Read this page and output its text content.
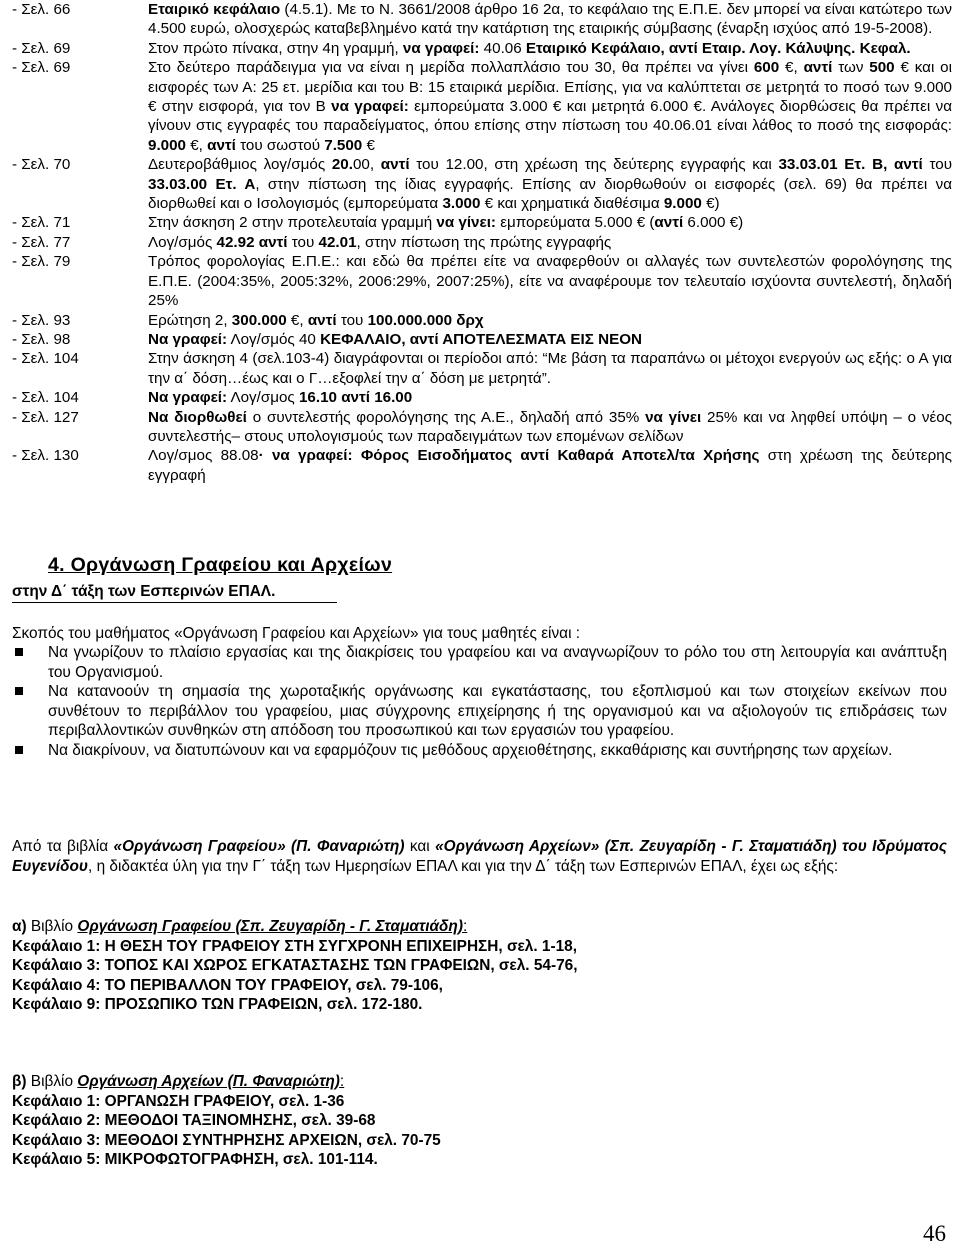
- Σελ. 66	Εταιρικό κεφάλαιο (4.5.1). Με το Ν. 3661/2008 άρθρο 16 2α, το κεφάλαιο της Ε.Π.Ε. δεν μπορεί να είναι κατώτερο των 4.500 ευρώ, ολοσχερώς καταβεβλημένο κατά την κατάρτιση της εταιρικής σύμβασης (έναρξη ισχύος από 19-5-2008).
- Σελ. 69	Στον πρώτο πίνακα, στην 4η γραμμή, να γραφεί: 40.06 Εταιρικό Κεφάλαιο, αντί Εταιρ. Λογ. Κάλυψης. Κεφαλ.
- Σελ. 69	Στο δεύτερο παράδειγμα για να είναι η μερίδα πολλαπλάσιο του 30, θα πρέπει να γίνει 600 €, αντί των 500 € και οι εισφορές των Α: 25 ετ. μερίδια και του Β: 15 εταιρικά μερίδια. Επίσης, για να καλύπτεται σε μετρητά το ποσό των 9.000 € στην εισφορά, για τον Β να γραφεί: εμπορεύματα 3.000 € και μετρητά 6.000 €. Ανάλογες διορθώσεις θα πρέπει να γίνουν στις εγγραφές του παραδείγματος, όπου επίσης στην πίστωση του 40.06.01 είναι λάθος το ποσό της εισφοράς: 9.000 €, αντί του σωστού 7.500 €
- Σελ. 70	Δευτεροβάθμιος λογ/σμός 20.00, αντί του 12.00, στη χρέωση της δεύτερης εγγραφής και 33.03.01 Ετ. Β, αντί του 33.03.00 Ετ. Α, στην πίστωση της ίδιας εγγραφής. Επίσης αν διορθωθούν οι εισφορές (σελ. 69) θα πρέπει να διορθωθεί και ο Ισολογισμός (εμπορεύματα 3.000 € και χρηματικά διαθέσιμα 9.000 €)
- Σελ. 71	Στην άσκηση 2 στην προτελευταία γραμμή να γίνει: εμπορεύματα 5.000 € (αντί 6.000 €)
- Σελ. 77	Λογ/σμός 42.92 αντί του 42.01, στην πίστωση της πρώτης εγγραφής
- Σελ. 79	Τρόπος φορολογίας Ε.Π.Ε.: και εδώ θα πρέπει είτε να αναφερθούν οι αλλαγές των συντελεστών φορολόγησης της Ε.Π.Ε. (2004:35%, 2005:32%, 2006:29%, 2007:25%), είτε να αναφέρουμε τον τελευταίο ισχύοντα συντελεστή, δηλαδή 25%
- Σελ. 93	Ερώτηση 2, 300.000 €, αντί του 100.000.000 δρχ
- Σελ. 98	Να γραφεί: Λογ/σμός 40 ΚΕΦΑΛΑΙΟ, αντί ΑΠΟΤΕΛΕΣΜΑΤΑ ΕΙΣ ΝΕΟΝ
- Σελ. 104	Στην άσκηση 4 (σελ.103-4) διαγράφονται οι περίοδοι από: “Με βάση τα παραπάνω οι μέτοχοι ενεργούν ως εξής: ο Α για την α΄ δόση…έως και ο Γ…εξοφλεί την α΄ δόση με μετρητά”.
- Σελ. 104	Να γραφεί: Λογ/σμος 16.10 αντί 16.00
- Σελ. 127	Να διορθωθεί ο συντελεστής φορολόγησης της Α.Ε., δηλαδή από 35% να γίνει 25% και να ληφθεί υπόψη – ο νέος συντελεστής– στους υπολογισμούς των παραδειγμάτων των επομένων σελίδων
- Σελ. 130	Λογ/σμος 88.08· να γραφεί: Φόρος Εισοδήματος αντί Καθαρά Αποτελ/τα Χρήσης στη χρέωση της δεύτερης εγγραφή
4. Οργάνωση Γραφείου και Αρχείων
στην Δ΄ τάξη των Εσπερινών ΕΠΑΛ.
Σκοπός του μαθήματος «Οργάνωση Γραφείου και Αρχείων» για τους μαθητές είναι :
Να γνωρίζουν το πλαίσιο εργασίας και της διακρίσεις του γραφείου και να αναγνωρίζουν το ρόλο του στη λειτουργία και ανάπτυξη του Οργανισμού.
Να κατανοούν τη σημασία της χωροταξικής οργάνωσης και εγκατάστασης, του εξοπλισμού και των στοιχείων εκείνων που συνθέτουν το περιβάλλον του γραφείου, μιας σύγχρονης επιχείρησης ή της οργανισμού και να αξιολογούν τις επιδράσεις των περιβαλλοντικών συνθηκών στη απόδοση του προσωπικού και των εργασιών του γραφείου.
Να διακρίνουν, να διατυπώνουν και να εφαρμόζουν τις μεθόδους αρχειοθέτησης, εκκαθάρισης και συντήρησης των αρχείων.
Από τα βιβλία «Οργάνωση Γραφείου» (Π. Φαναριώτη) και «Οργάνωση Αρχείων» (Σπ. Ζευγαρίδη - Γ. Σταματιάδη) του Ιδρύματος Ευγενίδου, η διδακτέα ύλη για την Γ΄ τάξη των Ημερησίων ΕΠΑΛ και για την Δ΄ τάξη των Εσπερινών ΕΠΑΛ, έχει ως εξής:
α) Βιβλίο Οργάνωση Γραφείου (Σπ. Ζευγαρίδη - Γ. Σταματιάδη):
Κεφάλαιο 1: Η ΘΕΣΗ ΤΟΥ ΓΡΑΦΕΙΟΥ ΣΤΗ ΣΥΓΧΡΟΝΗ ΕΠΙΧΕΙΡΗΣΗ, σελ. 1-18,
Κεφάλαιο 3: ΤΟΠΟΣ ΚΑΙ ΧΩΡΟΣ ΕΓΚΑΤΑΣΤΑΣΗΣ ΤΩΝ ΓΡΑΦΕΙΩΝ, σελ. 54-76,
Κεφάλαιο 4: ΤΟ ΠΕΡΙΒΑΛΛΟΝ ΤΟΥ ΓΡΑΦΕΙΟΥ, σελ. 79-106,
Κεφάλαιο 9: ΠΡΟΣΩΠΙΚΟ ΤΩΝ ΓΡΑΦΕΙΩΝ, σελ. 172-180.
β) Βιβλίο Οργάνωση Αρχείων (Π. Φαναριώτη):
Κεφάλαιο 1: ΟΡΓΑΝΩΣΗ ΓΡΑΦΕΙΟΥ, σελ. 1-36
Κεφάλαιο 2: ΜΕΘΟΔΟΙ ΤΑΞΙΝΟΜΗΣΗΣ, σελ. 39-68
Κεφάλαιο 3: ΜΕΘΟΔΟΙ ΣΥΝΤΗΡΗΣΗΣ ΑΡΧΕΙΩΝ, σελ. 70-75
Κεφάλαιο 5: ΜΙΚΡΟΦΩΤΟΓΡΑΦΗΣΗ, σελ. 101-114.
46
